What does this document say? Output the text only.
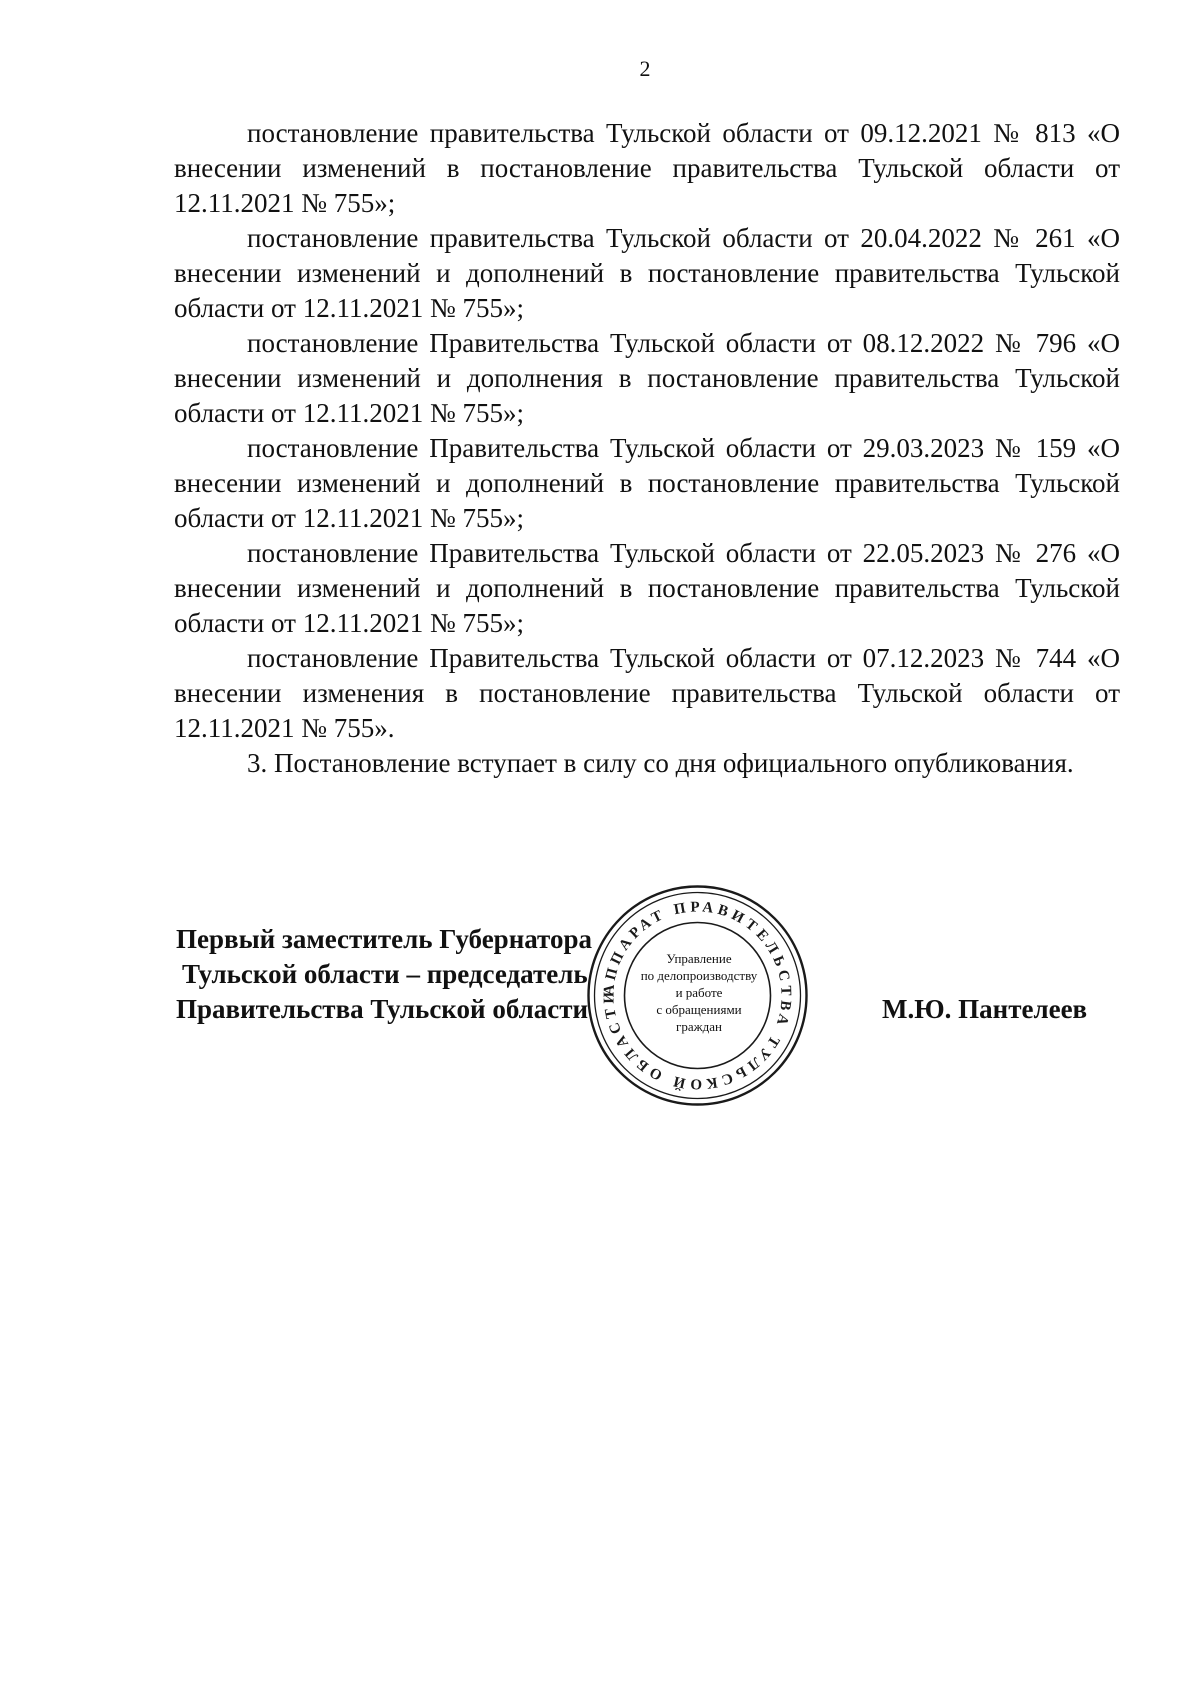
2

постановление правительства Тульской области от 09.12.2021 № 813 «О внесении изменений в постановление правительства Тульской области от 12.11.2021 № 755»;

постановление правительства Тульской области от 20.04.2022 № 261 «О внесении изменений и дополнений в постановление правительства Тульской области от 12.11.2021 № 755»;

постановление Правительства Тульской области от 08.12.2022 № 796 «О внесении изменений и дополнения в постановление правительства Тульской области от 12.11.2021 № 755»;

постановление Правительства Тульской области от 29.03.2023 № 159 «О внесении изменений и дополнений в постановление правительства Тульской области от 12.11.2021 № 755»;

постановление Правительства Тульской области от 22.05.2023 № 276 «О внесении изменений и дополнений в постановление правительства Тульской области от 12.11.2021 № 755»;

постановление Правительства Тульской области от 07.12.2023 № 744 «О внесении изменения в постановление правительства Тульской области от 12.11.2021 № 755».

3. Постановление вступает в силу со дня официального опубликования.

Первый заместитель Губернатора
Тульской области – председатель
Правительства Тульской области	М.Ю. Пантелеев
АППАРАТ ПРАВИТЕЛЬСТВА ТУЛЬСКОЙ ОБЛАСТИ
Управление
по делопроизводству
и работе
с обращениями
граждан
